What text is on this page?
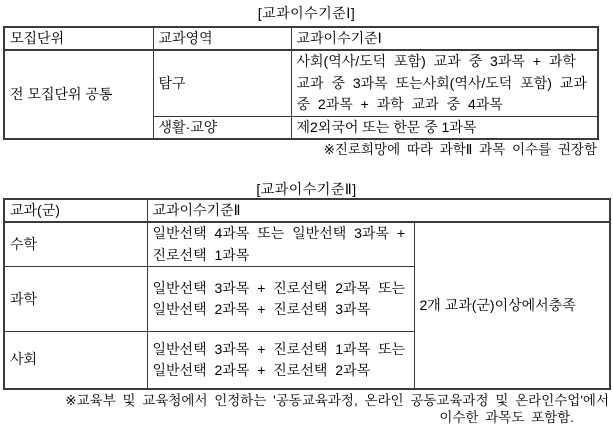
[교과이수기준Ⅰ]
모집단위	교과영역	교과이수기준Ⅰ
전 모집단위 공통	탐구	사회(역사/도덕 포함) 교과 중 3과목 + 과학 교과 중 3과목 또는사회(역사/도덕 포함) 교과 중 2과목 + 과학 교과 중 4과목
	생활·교양	제2외국어 또는 한문 중 1과목
※진로희망에 따라 과학Ⅱ 과목 이수를 권장함
[교과이수기준Ⅱ]
교과(군)	교과이수기준Ⅱ	
수학	일반선택 4과목 또는 일반선택 3과목 + 진로선택 1과목	2개 교과(군)이상에서충족
과학	일반선택 3과목 + 진로선택 2과목 또는 일반선택 2과목 + 진로선택 3과목	
사회	일반선택 3과목 + 진로선택 1과목 또는 일반선택 2과목 + 진로선택 2과목	
※교육부 및 교육청에서 인정하는 '공동교육과정, 온라인 공동교육과정 및 온라인수업'에서
이수한 과목도 포함함.
